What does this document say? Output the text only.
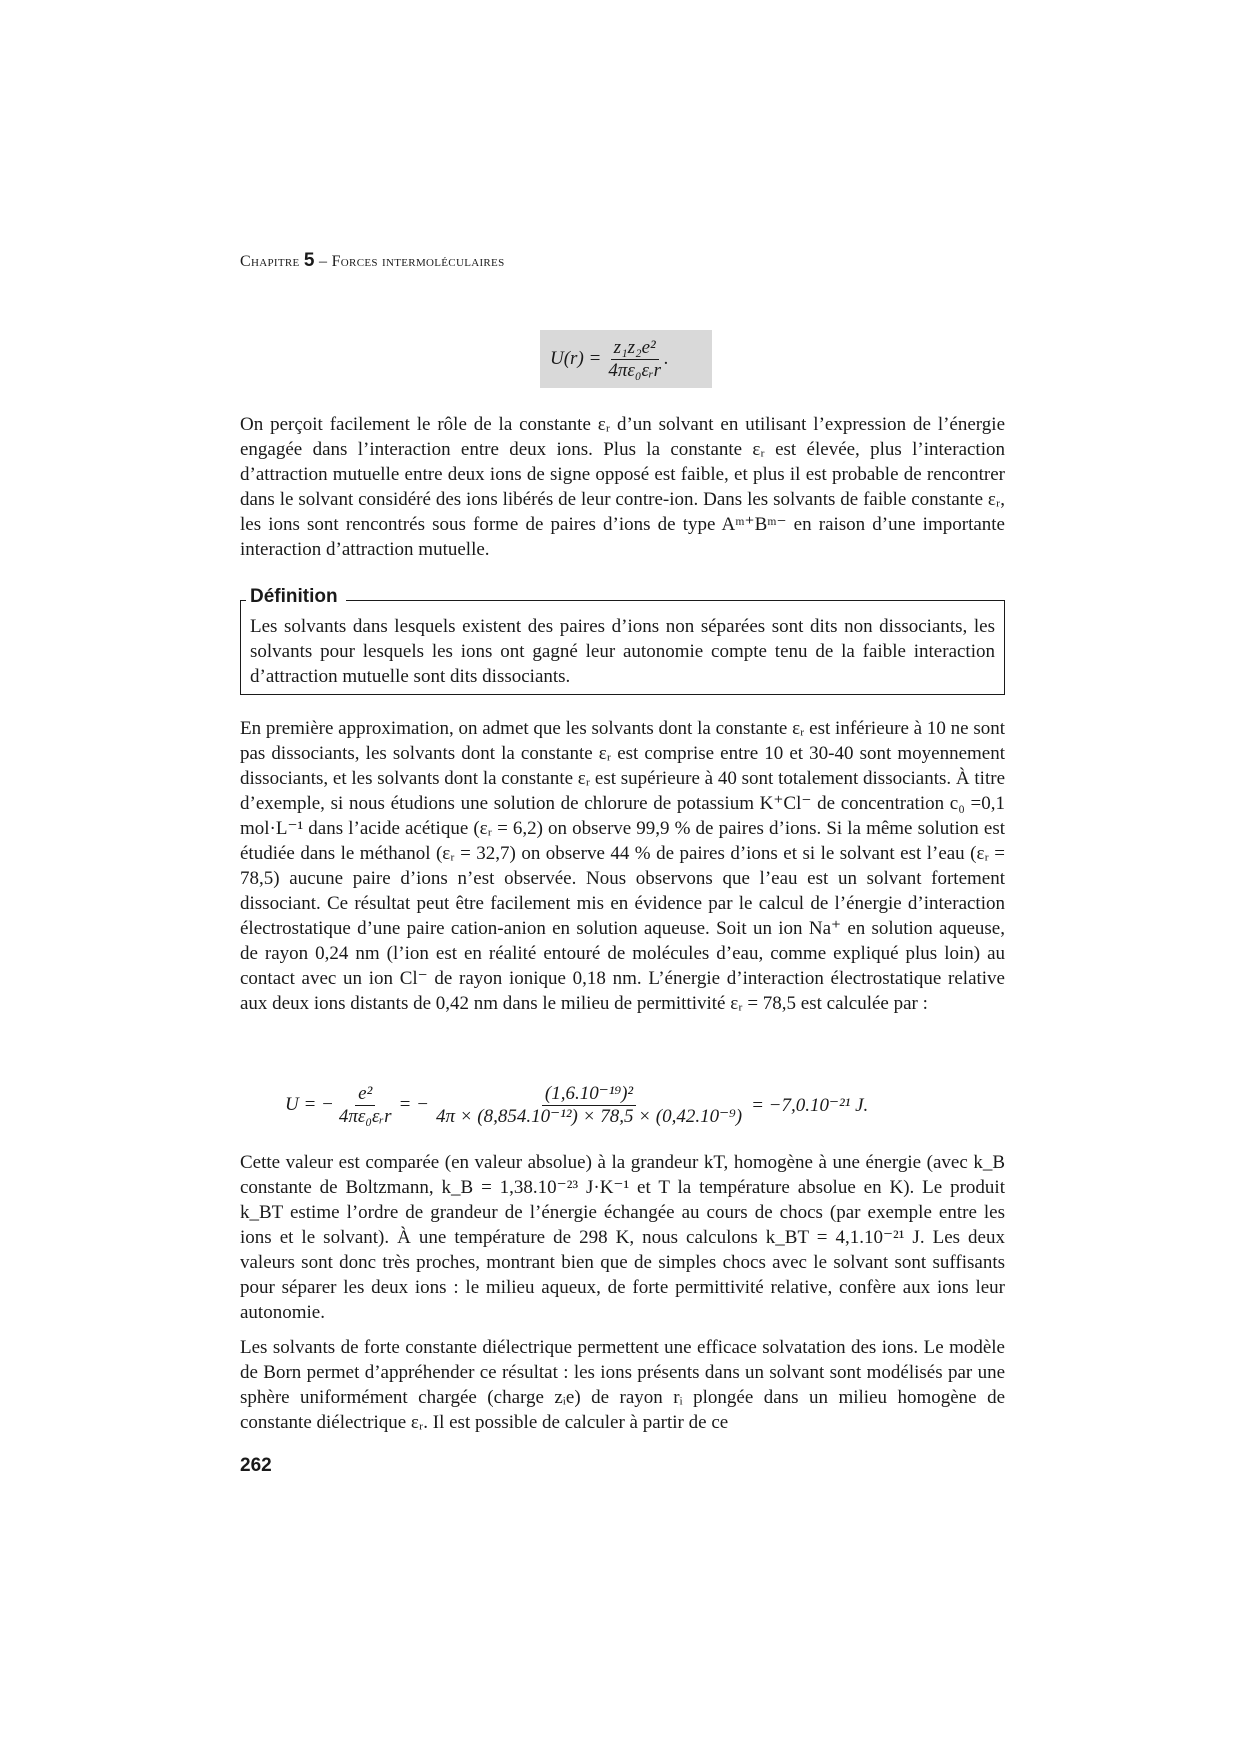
Chapitre 5 – Forces intermoléculaires
$U(r) = \frac{\text{z₁z₂e²}}{\text{4πε₀εᵣr}}$ .
On perçoit facilement le rôle de la constante εᵣ d’un solvant en utilisant l’expression de l’énergie engagée dans l’interaction entre deux ions. Plus la constante εᵣ est élevée, plus l’interaction d’attraction mutuelle entre deux ions de signe opposé est faible, et plus il est probable de rencontrer dans le solvant considéré des ions libérés de leur contre-ion. Dans les solvants de faible constante εᵣ, les ions sont rencontrés sous forme de paires d’ions de type Aᵐ⁺Bᵐ⁻ en raison d’une importante interaction d’attraction mutuelle.
Définition
Les solvants dans lesquels existent des paires d’ions non séparées sont dits non dissociants, les solvants pour lesquels les ions ont gagné leur autonomie compte tenu de la faible interaction d’attraction mutuelle sont dits dissociants.
En première approximation, on admet que les solvants dont la constante εᵣ est inférieure à 10 ne sont pas dissociants, les solvants dont la constante εᵣ est comprise entre 10 et 30-40 sont moyennement dissociants, et les solvants dont la constante εᵣ est supérieure à 40 sont totalement dissociants. À titre d’exemple, si nous étudions une solution de chlorure de potassium K⁺Cl⁻ de concentration c₀ =0,1 mol·L⁻¹ dans l’acide acétique (εᵣ = 6,2) on observe 99,9 % de paires d’ions. Si la même solution est étudiée dans le méthanol (εᵣ = 32,7) on observe 44 % de paires d’ions et si le solvant est l’eau (εᵣ = 78,5) aucune paire d’ions n’est observée. Nous observons que l’eau est un solvant fortement dissociant. Ce résultat peut être facilement mis en évidence par le calcul de l’énergie d’interaction électrostatique d’une paire cation-anion en solution aqueuse. Soit un ion Na⁺ en solution aqueuse, de rayon 0,24 nm (l’ion est en réalité entouré de molécules d’eau, comme expliqué plus loin) au contact avec un ion Cl⁻ de rayon ionique 0,18 nm. L’énergie d’interaction électrostatique relative aux deux ions distants de 0,42 nm dans le milieu de permittivité εᵣ = 78,5 est calculée par :
U = − $\frac{\text{e²}}{\text{4πε₀εᵣr}}$ = − $\frac{\text{(1,6.10⁻¹⁹)²}}{\text{4π × (8,854.10⁻¹²) × 78,5 × (0,42.10⁻⁹)}} = -7,0.10^{-21}$ J.
Cette valeur est comparée (en valeur absolue) à la grandeur kT, homogène à une énergie (avec k_B constante de Boltzmann, k_B = 1,38.10⁻²³ J·K⁻¹ et T la température absolue en K). Le produit k_BT estime l’ordre de grandeur de l’énergie échangée au cours de chocs (par exemple entre les ions et le solvant). À une température de 298 K, nous calculons k_BT = 4,1.10⁻²¹ J. Les deux valeurs sont donc très proches, montrant bien que de simples chocs avec le solvant sont suffisants pour séparer les deux ions : le milieu aqueux, de forte permittivité relative, confère aux ions leur autonomie.
Les solvants de forte constante diélectrique permettent une efficace solvatation des ions. Le modèle de Born permet d’appréhender ce résultat : les ions présents dans un solvant sont modélisés par une sphère uniformément chargée (charge zᵢe) de rayon rᵢ plongée dans un milieu homogène de constante diélectrique εᵣ. Il est possible de calculer à partir de ce
262
